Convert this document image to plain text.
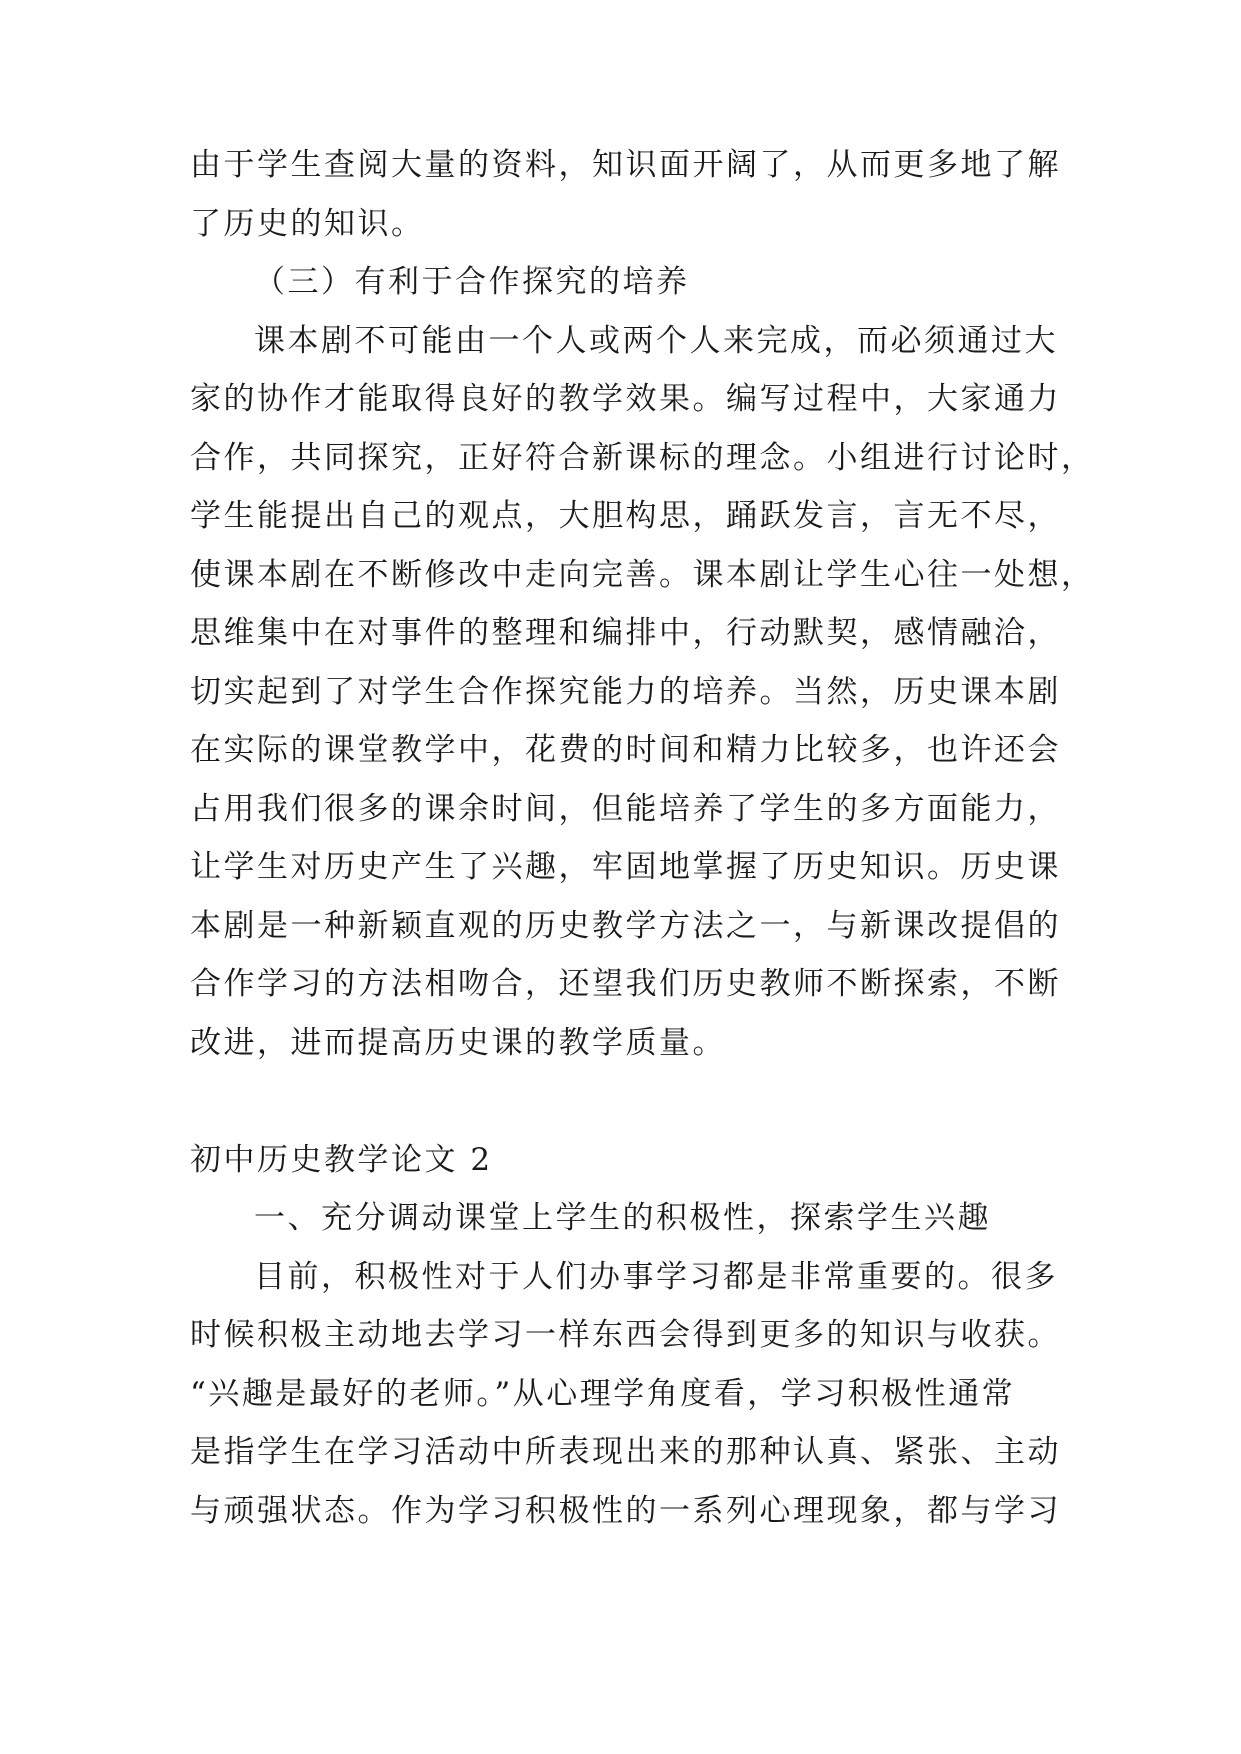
由于学生查阅大量的资料，知识面开阔了，从而更多地了解
了历史的知识。
（三）有利于合作探究的培养
课本剧不可能由一个人或两个人来完成，而必须通过大
家的协作才能取得良好的教学效果。编写过程中，大家通力
合作，共同探究，正好符合新课标的理念。小组进行讨论时，
学生能提出自己的观点，大胆构思，踊跃发言，言无不尽，
使课本剧在不断修改中走向完善。课本剧让学生心往一处想，
思维集中在对事件的整理和编排中，行动默契，感情融洽，
切实起到了对学生合作探究能力的培养。当然，历史课本剧
在实际的课堂教学中，花费的时间和精力比较多，也许还会
占用我们很多的课余时间，但能培养了学生的多方面能力，
让学生对历史产生了兴趣，牢固地掌握了历史知识。历史课
本剧是一种新颖直观的历史教学方法之一，与新课改提倡的
合作学习的方法相吻合，还望我们历史教师不断探索，不断
改进，进而提高历史课的教学质量。
初中历史教学论文 2
一、充分调动课堂上学生的积极性，探索学生兴趣
目前，积极性对于人们办事学习都是非常重要的。很多
时候积极主动地去学习一样东西会得到更多的知识与收获。
“兴趣是最好的老师。”从心理学角度看，学习积极性通常
是指学生在学习活动中所表现出来的那种认真、紧张、主动
与顽强状态。作为学习积极性的一系列心理现象，都与学习
